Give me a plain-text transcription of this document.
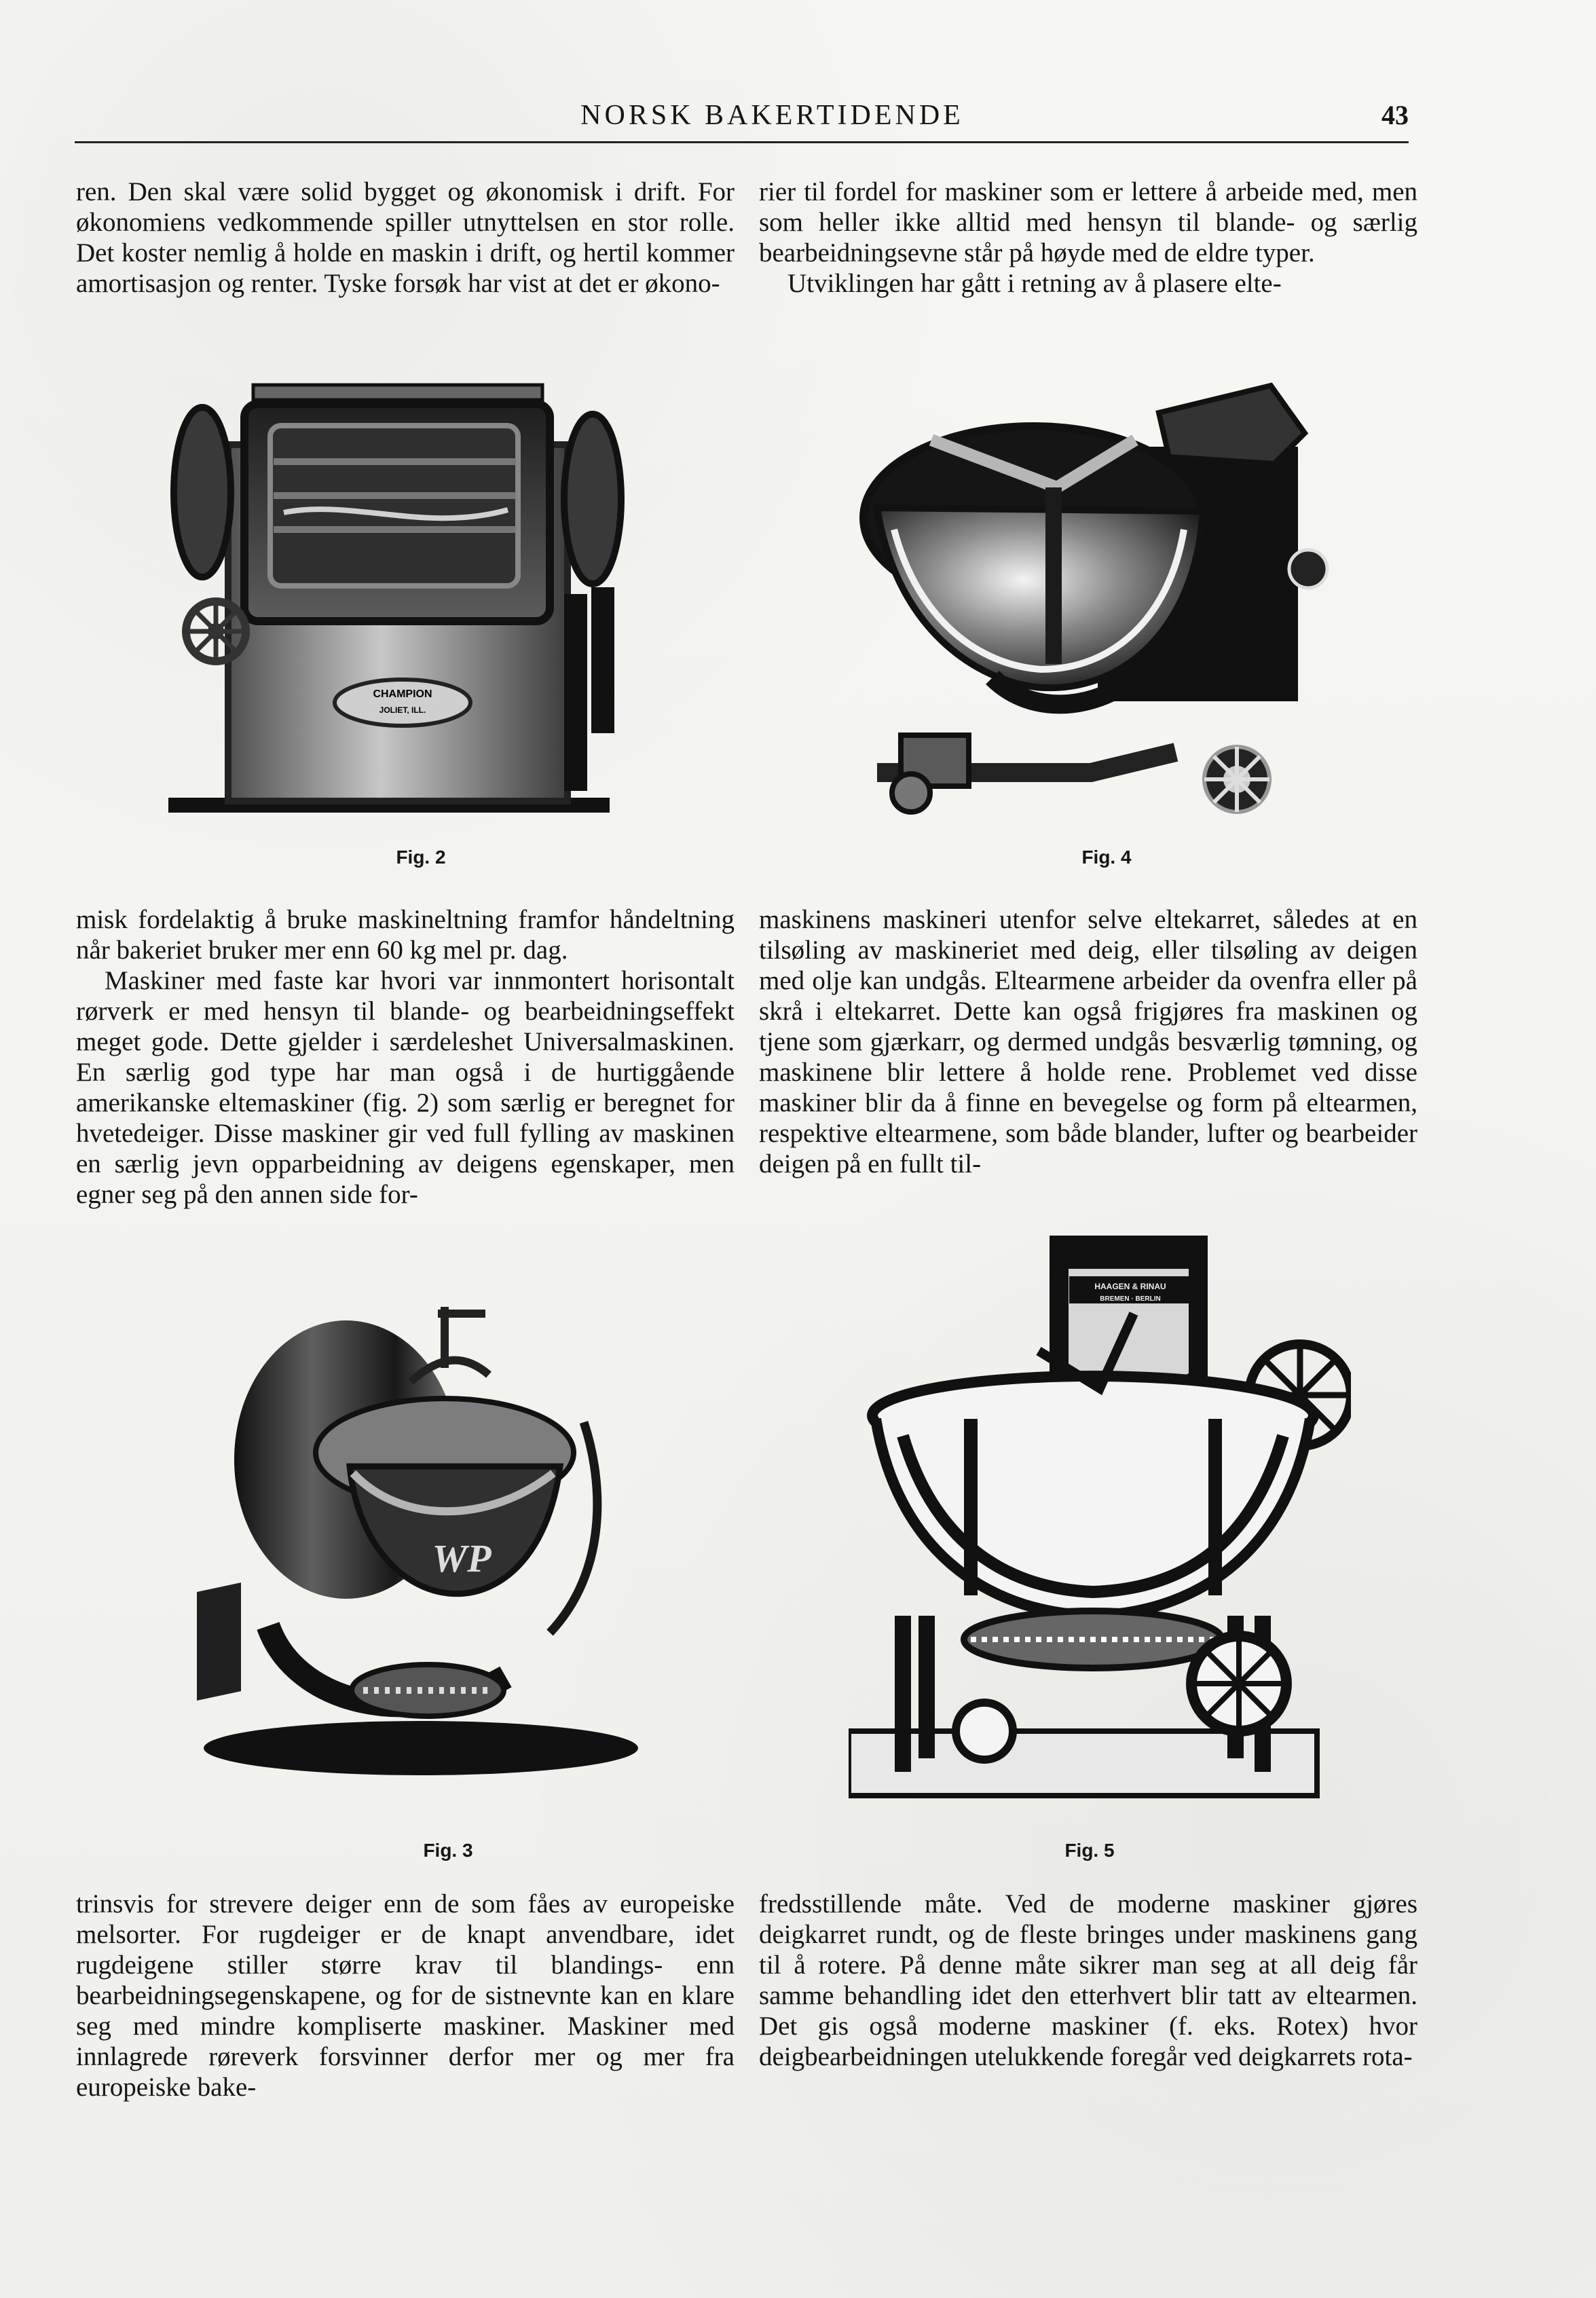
NORSK BAKERTIDENDE	43

ren. Den skal være solid bygget og økonomisk i drift. For økonomiens vedkommende spiller utnyttelsen en stor rolle. Det koster nemlig å holde en maskin i drift, og hertil kommer amortisasjon og renter. Tyske forsøk har vist at det er økono-

rier til fordel for maskiner som er lettere å arbeide med, men som heller ikke alltid med hensyn til blande- og særlig bearbeidningsevne står på høyde med de eldre typer.

Utviklingen har gått i retning av å plasere elte-

CHAMPION
JOLIET, ILL.
Fig. 2	Fig. 4

misk fordelaktig å bruke maskineltning framfor håndeltning når bakeriet bruker mer enn 60 kg mel pr. dag.

Maskiner med faste kar hvori var innmontert horisontalt rørverk er med hensyn til blande- og bearbeidningseffekt meget gode. Dette gjelder i særdeleshet Universalmaskinen. En særlig god type har man også i de hurtiggående amerikanske eltemaskiner (fig. 2) som særlig er beregnet for hvetedeiger. Disse maskiner gir ved full fylling av maskinen en særlig jevn opparbeidning av deigens egenskaper, men egner seg på den annen side for-

maskinens maskineri utenfor selve eltekarret, således at en tilsøling av maskineriet med deig, eller tilsøling av deigen med olje kan undgås. Eltearmene arbeider da ovenfra eller på skrå i eltekarret. Dette kan også frigjøres fra maskinen og tjene som gjærkarr, og dermed undgås besværlig tømning, og maskinene blir lettere å holde rene. Problemet ved disse maskiner blir da å finne en bevegelse og form på eltearmen, respektive eltearmene, som både blander, lufter og bearbeider deigen på en fullt til-

WP
Fig. 3
HAAGEN & RINAU
BREMEN · BERLIN
Fig. 5

trinsvis for strevere deiger enn de som fåes av europeiske melsorter. For rugdeiger er de knapt anvendbare, idet rugdeigene stiller større krav til blandings- enn bearbeidningsegenskapene, og for de sistnevnte kan en klare seg med mindre kompliserte maskiner. Maskiner med innlagrede rørеverk forsvinner derfor mer og mer fra europeiske bake-

fredsstillende måte. Ved de moderne maskiner gjøres deigkarret rundt, og de fleste bringes under maskinens gang til å rotere. På denne måte sikrer man seg at all deig får samme behandling idet den etterhvert blir tatt av eltearmen. Det gis også moderne maskiner (f. eks. Rotex) hvor deigbearbeidningen utelukkende foregår ved deigkarrets rota-
